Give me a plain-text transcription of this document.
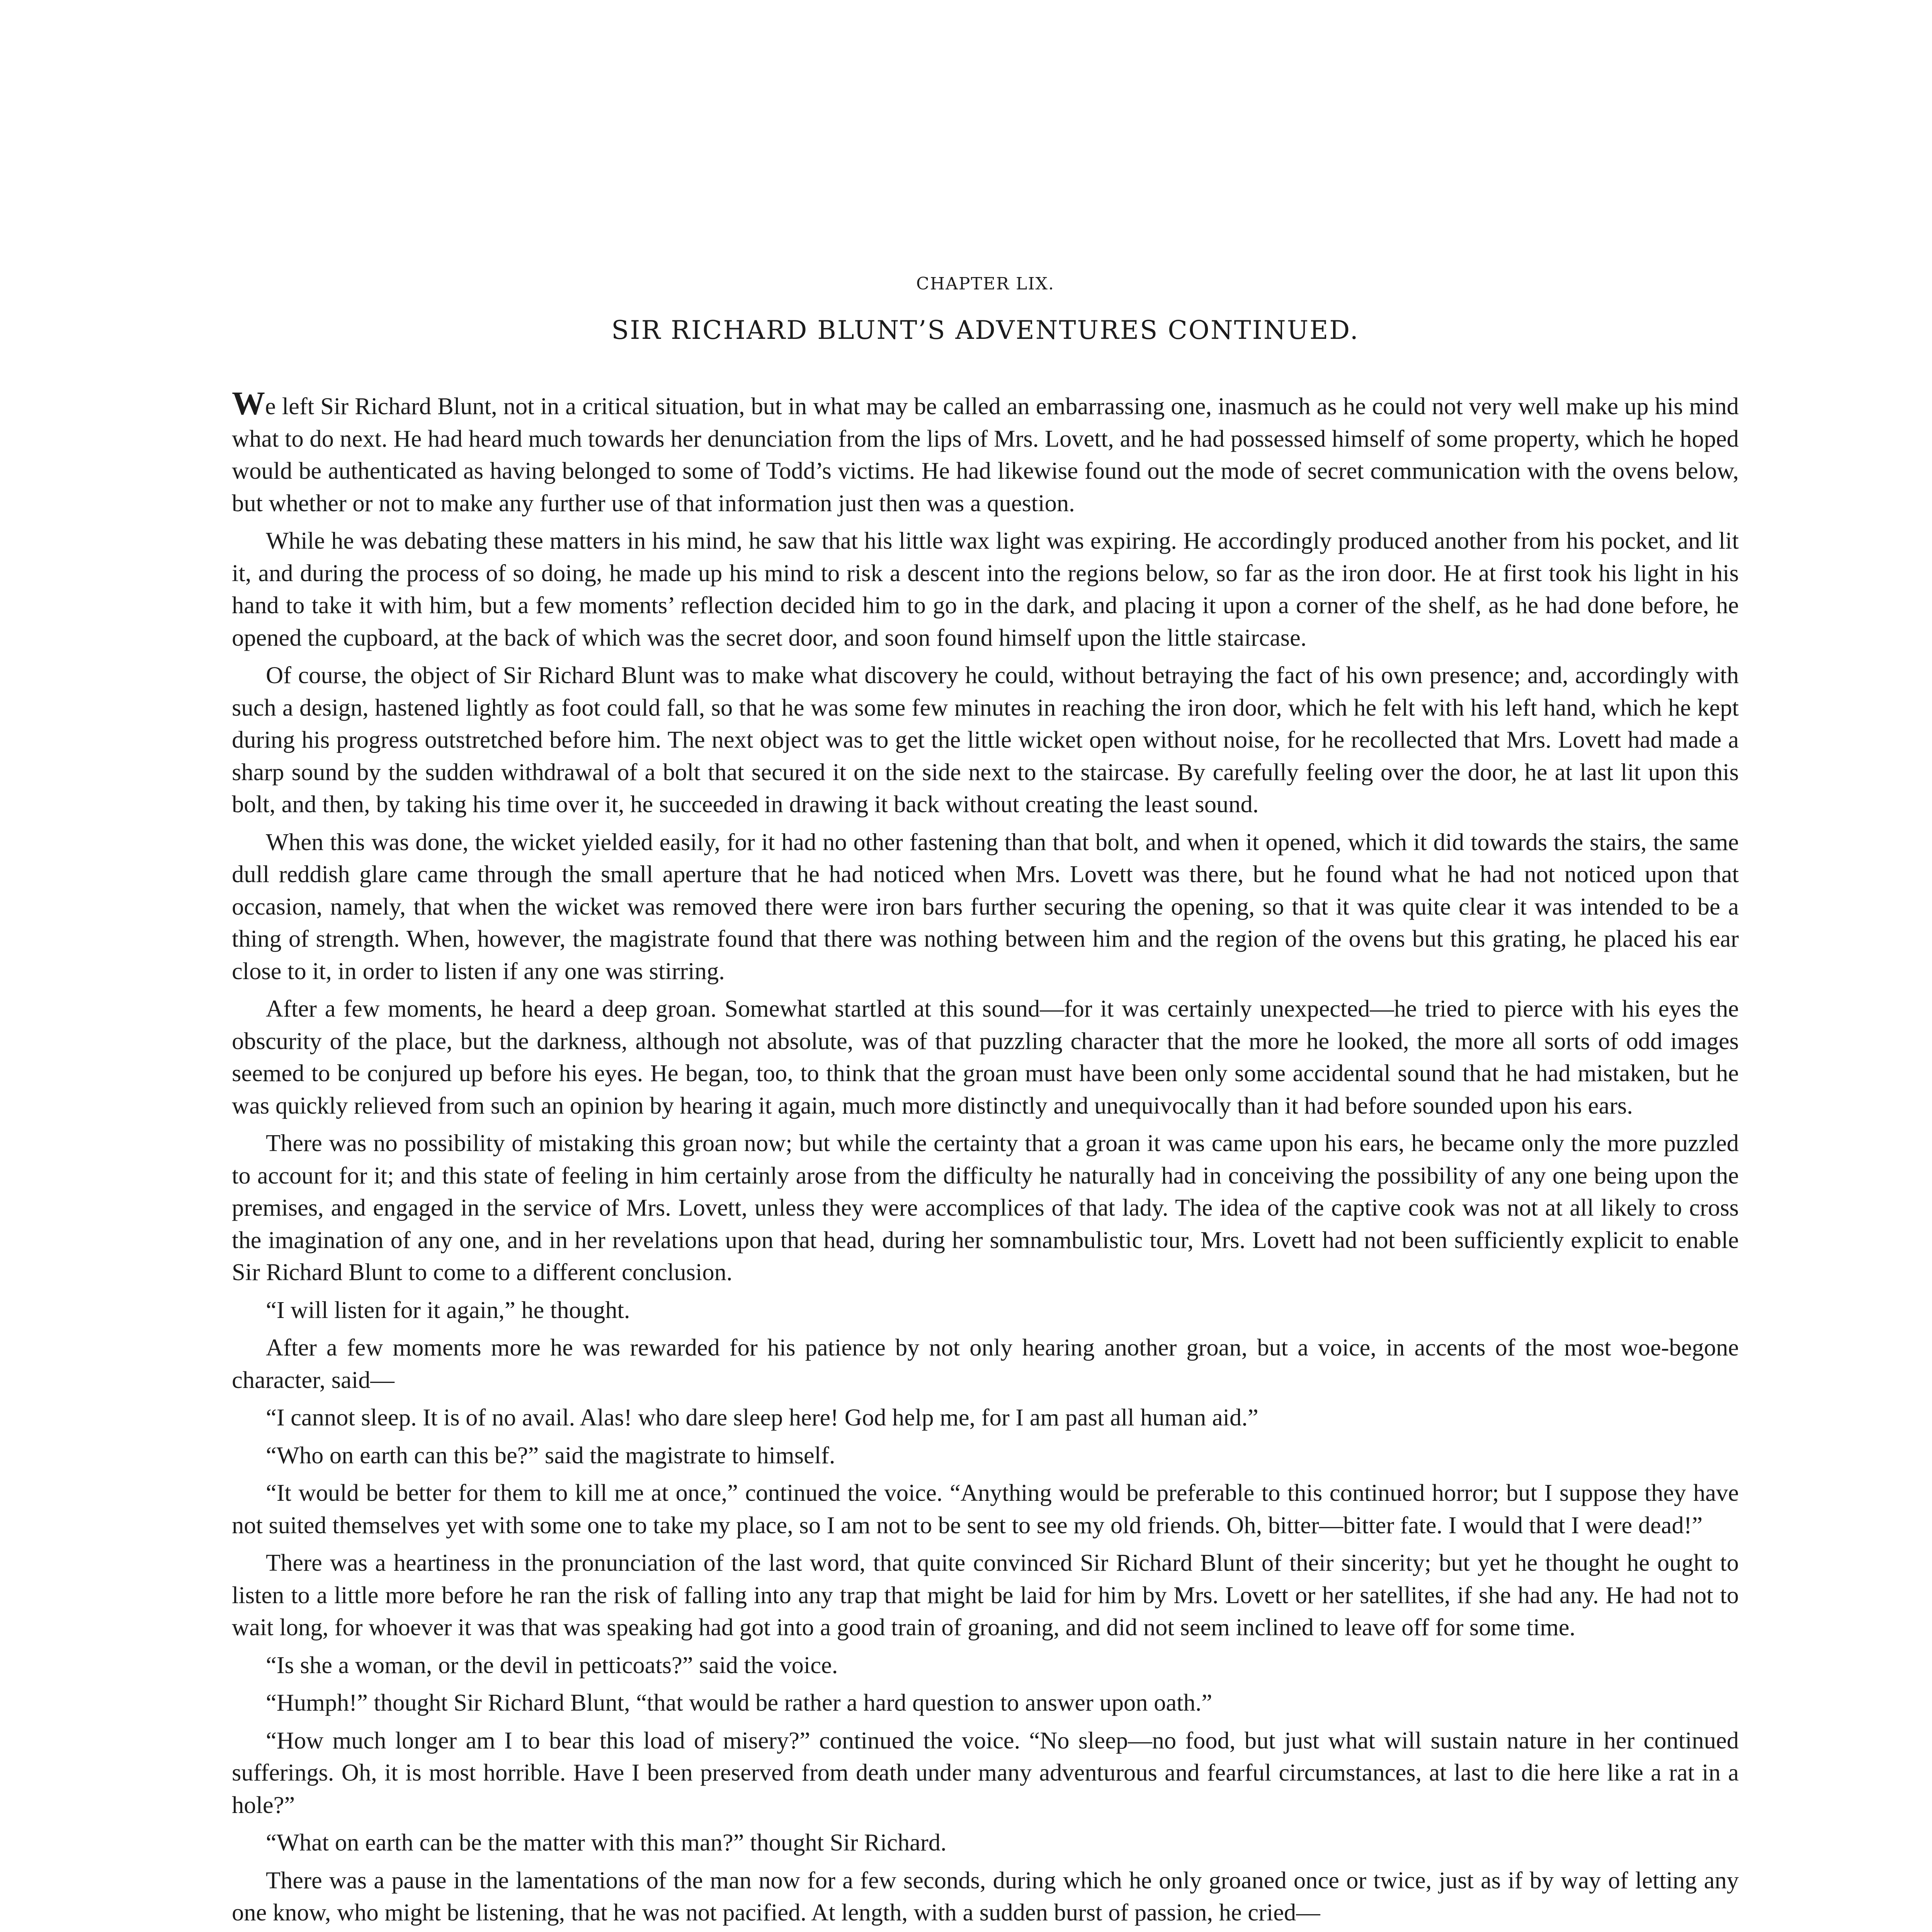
CHAPTER LIX.

SIR RICHARD BLUNT’S ADVENTURES CONTINUED.

We left Sir Richard Blunt, not in a critical situation, but in what may be called an embarrassing one, inasmuch as he could not very well make up his mind what to do next. He had heard much towards her denunciation from the lips of Mrs. Lovett, and he had possessed himself of some property, which he hoped would be authenticated as having belonged to some of Todd’s victims. He had likewise found out the mode of secret communication with the ovens below, but whether or not to make any further use of that information just then was a question.

While he was debating these matters in his mind, he saw that his little wax light was expiring. He accordingly produced another from his pocket, and lit it, and during the process of so doing, he made up his mind to risk a descent into the regions below, so far as the iron door. He at first took his light in his hand to take it with him, but a few moments’ reflection decided him to go in the dark, and placing it upon a corner of the shelf, as he had done before, he opened the cupboard, at the back of which was the secret door, and soon found himself upon the little staircase.

Of course, the object of Sir Richard Blunt was to make what discovery he could, without betraying the fact of his own presence; and, accordingly with such a design, hastened lightly as foot could fall, so that he was some few minutes in reaching the iron door, which he felt with his left hand, which he kept during his progress outstretched before him. The next object was to get the little wicket open without noise, for he recollected that Mrs. Lovett had made a sharp sound by the sudden withdrawal of a bolt that secured it on the side next to the staircase. By carefully feeling over the door, he at last lit upon this bolt, and then, by taking his time over it, he succeeded in drawing it back without creating the least sound.

When this was done, the wicket yielded easily, for it had no other fastening than that bolt, and when it opened, which it did towards the stairs, the same dull reddish glare came through the small aperture that he had noticed when Mrs. Lovett was there, but he found what he had not noticed upon that occasion, namely, that when the wicket was removed there were iron bars further securing the opening, so that it was quite clear it was intended to be a thing of strength. When, however, the magistrate found that there was nothing between him and the region of the ovens but this grating, he placed his ear close to it, in order to listen if any one was stirring.

After a few moments, he heard a deep groan. Somewhat startled at this sound—for it was certainly unexpected—he tried to pierce with his eyes the obscurity of the place, but the darkness, although not absolute, was of that puzzling character that the more he looked, the more all sorts of odd images seemed to be conjured up before his eyes. He began, too, to think that the groan must have been only some accidental sound that he had mistaken, but he was quickly relieved from such an opinion by hearing it again, much more distinctly and unequivocally than it had before sounded upon his ears.

There was no possibility of mistaking this groan now; but while the certainty that a groan it was came upon his ears, he became only the more puzzled to account for it; and this state of feeling in him certainly arose from the difficulty he naturally had in conceiving the possibility of any one being upon the premises, and engaged in the service of Mrs. Lovett, unless they were accomplices of that lady. The idea of the captive cook was not at all likely to cross the imagination of any one, and in her revelations upon that head, during her somnambulistic tour, Mrs. Lovett had not been sufficiently explicit to enable Sir Richard Blunt to come to a different conclusion.

“I will listen for it again,” he thought.

After a few moments more he was rewarded for his patience by not only hearing another groan, but a voice, in accents of the most woe-begone character, said—

“I cannot sleep. It is of no avail. Alas! who dare sleep here! God help me, for I am past all human aid.”

“Who on earth can this be?” said the magistrate to himself.

“It would be better for them to kill me at once,” continued the voice. “Anything would be preferable to this continued horror; but I suppose they have not suited themselves yet with some one to take my place, so I am not to be sent to see my old friends. Oh, bitter—bitter fate. I would that I were dead!”

There was a heartiness in the pronunciation of the last word, that quite convinced Sir Richard Blunt of their sincerity; but yet he thought he ought to listen to a little more before he ran the risk of falling into any trap that might be laid for him by Mrs. Lovett or her satellites, if she had any. He had not to wait long, for whoever it was that was speaking had got into a good train of groaning, and did not seem inclined to leave off for some time.

“Is she a woman, or the devil in petticoats?” said the voice.

“Humph!” thought Sir Richard Blunt, “that would be rather a hard question to answer upon oath.”

“How much longer am I to bear this load of misery?” continued the voice. “No sleep—no food, but just what will sustain nature in her continued sufferings. Oh, it is most horrible. Have I been preserved from death under many adventurous and fearful circumstances, at last to die here like a rat in a hole?”

“What on earth can be the matter with this man?” thought Sir Richard.

There was a pause in the lamentations of the man now for a few seconds, during which he only groaned once or twice, just as if by way of letting any one know, who might be listening, that he was not pacified. At length, with a sudden burst of passion, he cried—
